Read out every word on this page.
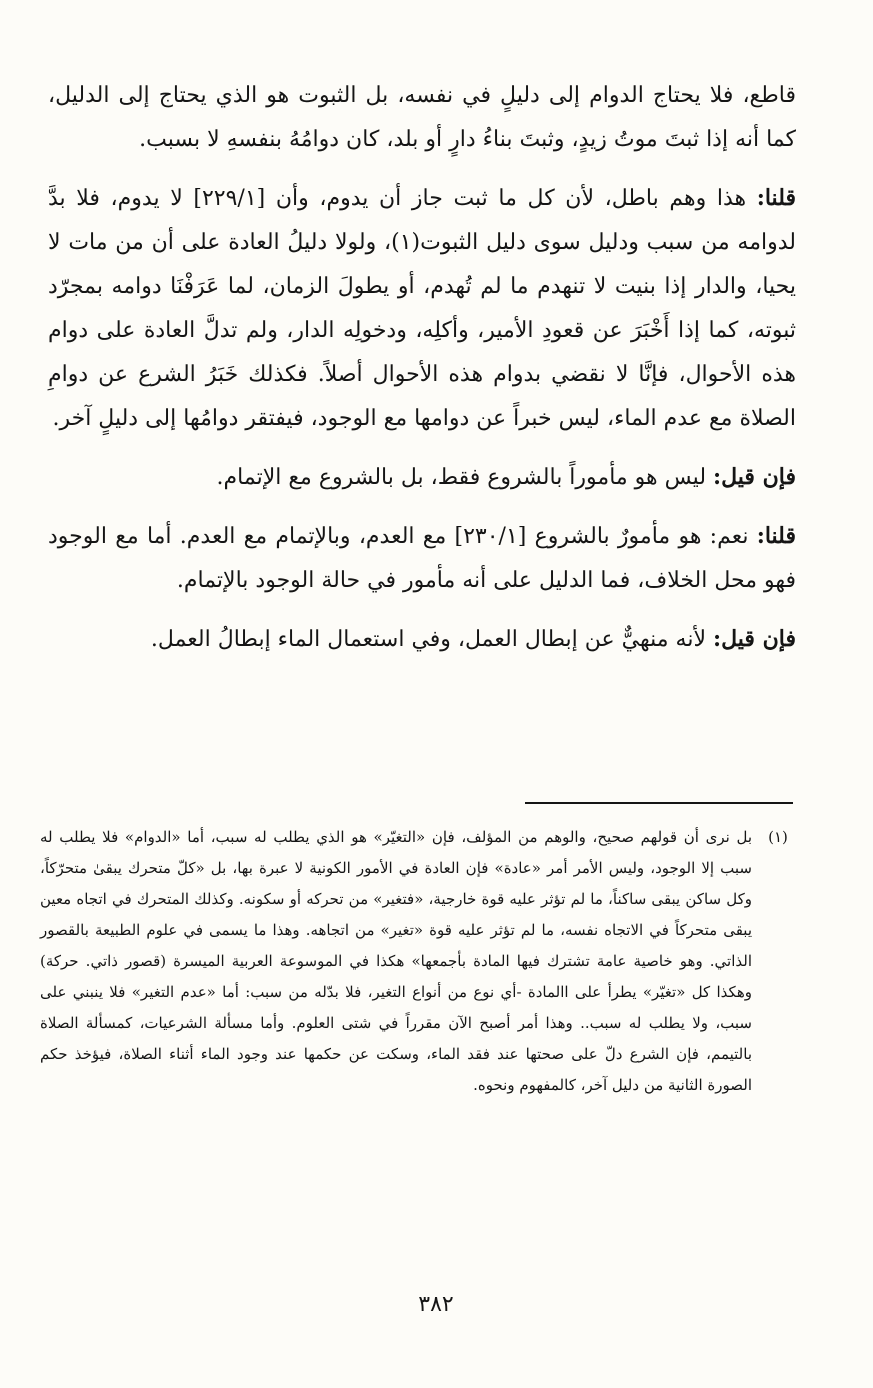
قاطع، فلا يحتاج الدوام إلى دليلٍ في نفسه، بل الثبوت هو الذي يحتاج إلى الدليل، كما أنه إذا ثبتَ موتُ زيدٍ، وثبتَ بناءُ دارٍ أو بلد، كان دوامُهُ بنفسهِ لا بسبب.

قلنا: هذا وهم باطل، لأن كل ما ثبت جاز أن يدوم، وأن [٢٢٩/١] لا يدوم، فلا بدَّ لدوامه من سبب ودليل سوى دليل الثبوت(١)، ولولا دليلُ العادة على أن من مات لا يحيا، والدار إذا بنيت لا تنهدم ما لم تُهدم، أو يطولَ الزمان، لما عَرَفْنَا دوامه بمجرّد ثبوته، كما إذا أَخْبَرَ عن قعودِ الأمير، وأكلِه، ودخولِه الدار، ولم تدلَّ العادة على دوام هذه الأحوال، فإنَّا لا نقضي بدوام هذه الأحوال أصلاً. فكذلك خَبَرُ الشرع عن دوامِ الصلاة مع عدم الماء، ليس خبراً عن دوامها مع الوجود، فيفتقر دوامُها إلى دليلٍ آخر.

فإن قيل: ليس هو مأموراً بالشروع فقط، بل بالشروع مع الإتمام.

قلنا: نعم: هو مأمورٌ بالشروع [٢٣٠/١] مع العدم، وبالإتمام مع العدم. أما مع الوجود فهو محل الخلاف، فما الدليل على أنه مأمور في حالة الوجود بالإتمام.

فإن قيل: لأنه منهيٌّ عن إبطال العمل، وفي استعمال الماء إبطالُ العمل.

(١)
بل نرى أن قولهم صحيح، والوهم من المؤلف، فإن «التغيّر» هو الذي يطلب له سبب، أما «الدوام» فلا يطلب له سبب إلا الوجود، وليس الأمر أمر «عادة» فإن العادة في الأمور الكونية لا عبرة بها، بل «كلّ متحرك يبقىٰ متحرّكاً، وكل ساكن يبقى ساكناً، ما لم تؤثر عليه قوة خارجية، «فتغير» من تحركه أو سكونه. وكذلك المتحرك في اتجاه معين يبقى متحركاً في الاتجاه نفسه، ما لم تؤثر عليه قوة «تغير» من اتجاهه. وهذا ما يسمى في علوم الطبيعة بالقصور الذاتي. وهو خاصية عامة تشترك فيها المادة بأجمعها» هكذا في الموسوعة العربية الميسرة (قصور ذاتي. حركة) وهكذا كل «تغيّر» يطرأ على االمادة -أي نوع من أنواع التغير، فلا بدّله من سبب: أما «عدم التغير» فلا ينبني على سبب، ولا يطلب له سبب.. وهذا أمر أصبح الآن مقرراً في شتى العلوم. وأما مسألة الشرعيات، كمسألة الصلاة بالتيمم، فإن الشرع دلّ على صحتها عند فقد الماء، وسكت عن حكمها عند وجود الماء أثناء الصلاة، فيؤخذ حكم الصورة الثانية من دليل آخر، كالمفهوم ونحوه.
٣٨٢
